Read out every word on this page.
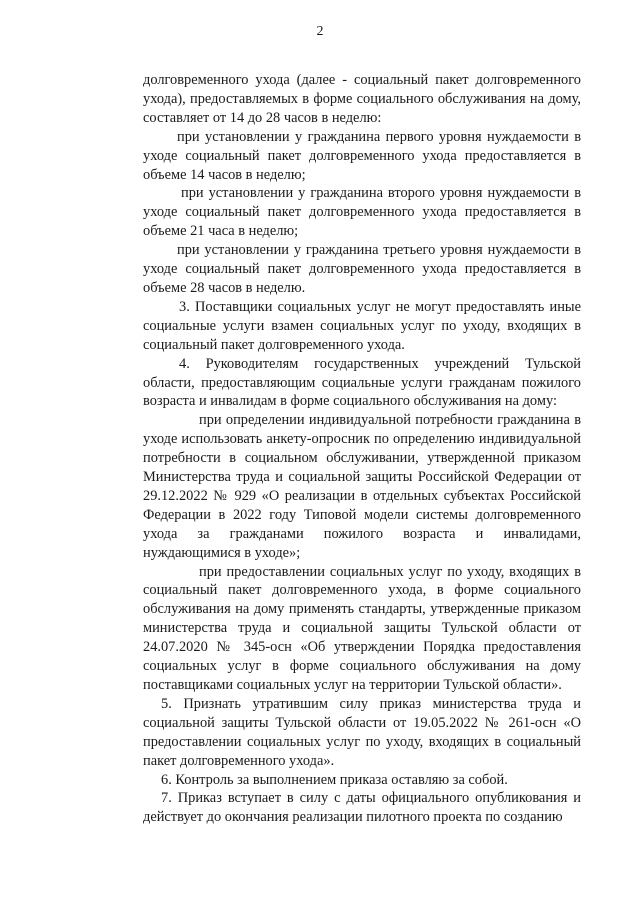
2

долговременного ухода (далее - социальный пакет долговременного ухода), предоставляемых в форме социального обслуживания на дому, составляет от 14 до 28 часов в неделю:

при установлении у гражданина первого уровня нуждаемости в уходе социальный пакет долговременного ухода предоставляется в объеме 14 часов в неделю;

при установлении у гражданина второго уровня нуждаемости в уходе социальный пакет долговременного ухода предоставляется в объеме 21 часа в неделю;

при установлении у гражданина третьего уровня нуждаемости в уходе социальный пакет долговременного ухода предоставляется в объеме 28 часов в неделю.

3. Поставщики социальных услуг не могут предоставлять иные социальные услуги взамен социальных услуг по уходу, входящих в социальный пакет долговременного ухода.

4. Руководителям государственных учреждений Тульской области, предоставляющим социальные услуги гражданам пожилого возраста и инвалидам в форме социального обслуживания на дому:

при определении индивидуальной потребности гражданина в уходе использовать анкету-опросник по определению индивидуальной потребности в социальном обслуживании, утвержденной приказом Министерства труда и социальной защиты Российской Федерации от 29.12.2022 № 929 «О реализации в отдельных субъектах Российской Федерации в 2022 году Типовой модели системы долговременного ухода за гражданами пожилого возраста и инвалидами, нуждающимися в уходе»;

при предоставлении социальных услуг по уходу, входящих в социальный пакет долговременного ухода, в форме социального обслуживания на дому применять стандарты, утвержденные приказом министерства труда и социальной защиты Тульской области от 24.07.2020 № 345-осн «Об утверждении Порядка предоставления социальных услуг в форме социального обслуживания на дому поставщиками социальных услуг на территории Тульской области».

5. Признать утратившим силу приказ министерства труда и социальной защиты Тульской области от 19.05.2022 № 261-осн «О предоставлении социальных услуг по уходу, входящих в социальный пакет долговременного ухода».

6. Контроль за выполнением приказа оставляю за собой.

7. Приказ вступает в силу с даты официального опубликования и действует до окончания реализации пилотного проекта по созданию
